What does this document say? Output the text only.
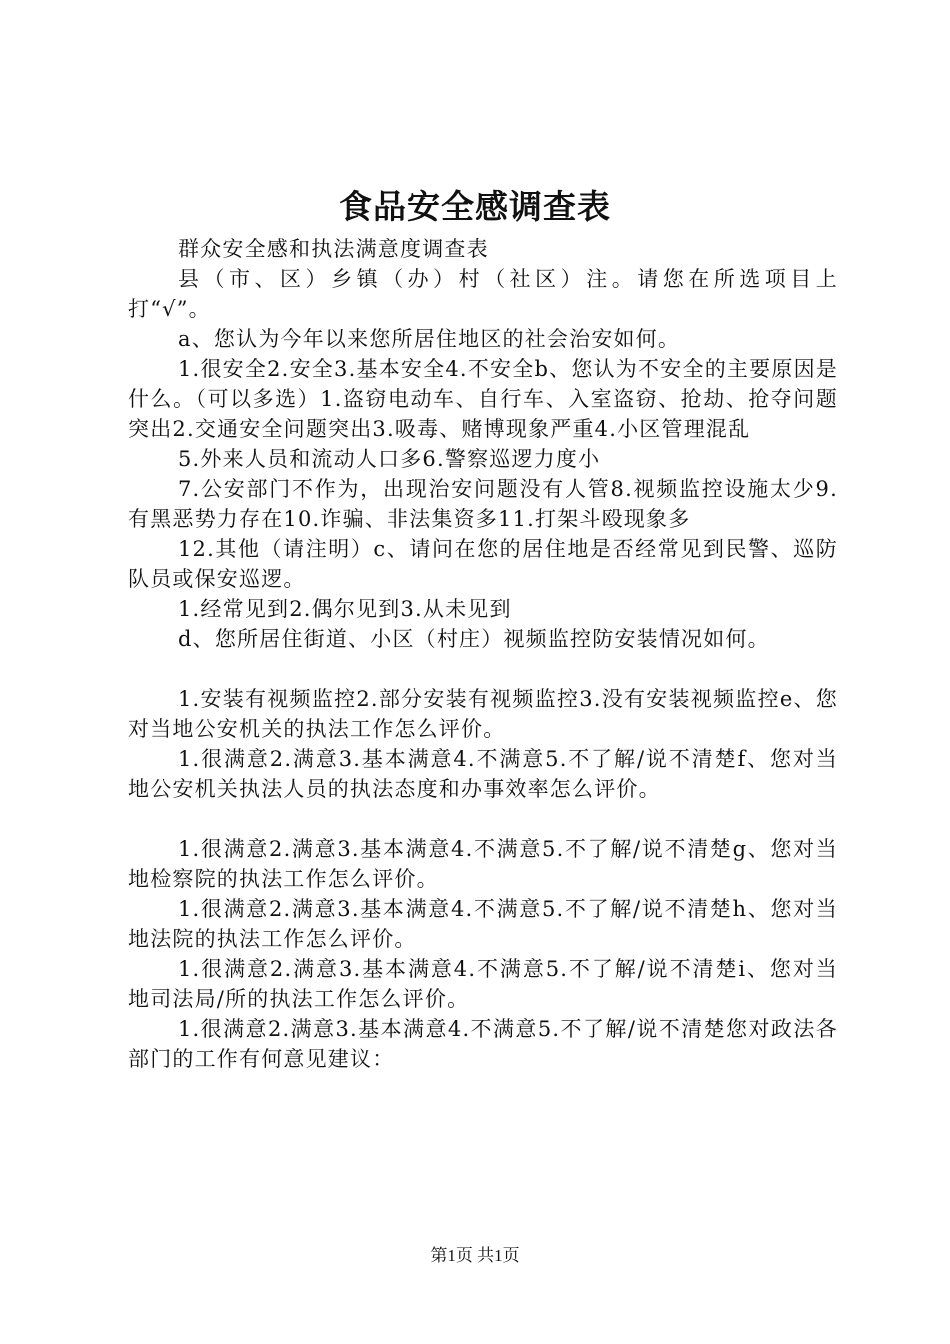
食品安全感调查表

群众安全感和执法满意度调查表

县（市、区）乡镇（办）村（社区）注。请您在所选项目上打“√”。

a、您认为今年以来您所居住地区的社会治安如何。

1.很安全2.安全3.基本安全4.不安全b、您认为不安全的主要原因是什么。（可以多选）1.盗窃电动车、自行车、入室盗窃、抢劫、抢夺问题突出2.交通安全问题突出3.吸毒、赌博现象严重4.小区管理混乱

5.外来人员和流动人口多6.警察巡逻力度小

7.公安部门不作为，出现治安问题没有人管8.视频监控设施太少9.有黑恶势力存在10.诈骗、非法集资多11.打架斗殴现象多

12.其他（请注明）c、请问在您的居住地是否经常见到民警、巡防队员或保安巡逻。

1.经常见到2.偶尔见到3.从未见到

d、您所居住街道、小区（村庄）视频监控防安装情况如何。

1.安装有视频监控2.部分安装有视频监控3.没有安装视频监控e、您对当地公安机关的执法工作怎么评价。

1.很满意2.满意3.基本满意4.不满意5.不了解/说不清楚f、您对当地公安机关执法人员的执法态度和办事效率怎么评价。

1.很满意2.满意3.基本满意4.不满意5.不了解/说不清楚g、您对当地检察院的执法工作怎么评价。

1.很满意2.满意3.基本满意4.不满意5.不了解/说不清楚h、您对当地法院的执法工作怎么评价。

1.很满意2.满意3.基本满意4.不满意5.不了解/说不清楚i、您对当地司法局/所的执法工作怎么评价。

1.很满意2.满意3.基本满意4.不满意5.不了解/说不清楚您对政法各部门的工作有何意见建议：

第1页 共1页
